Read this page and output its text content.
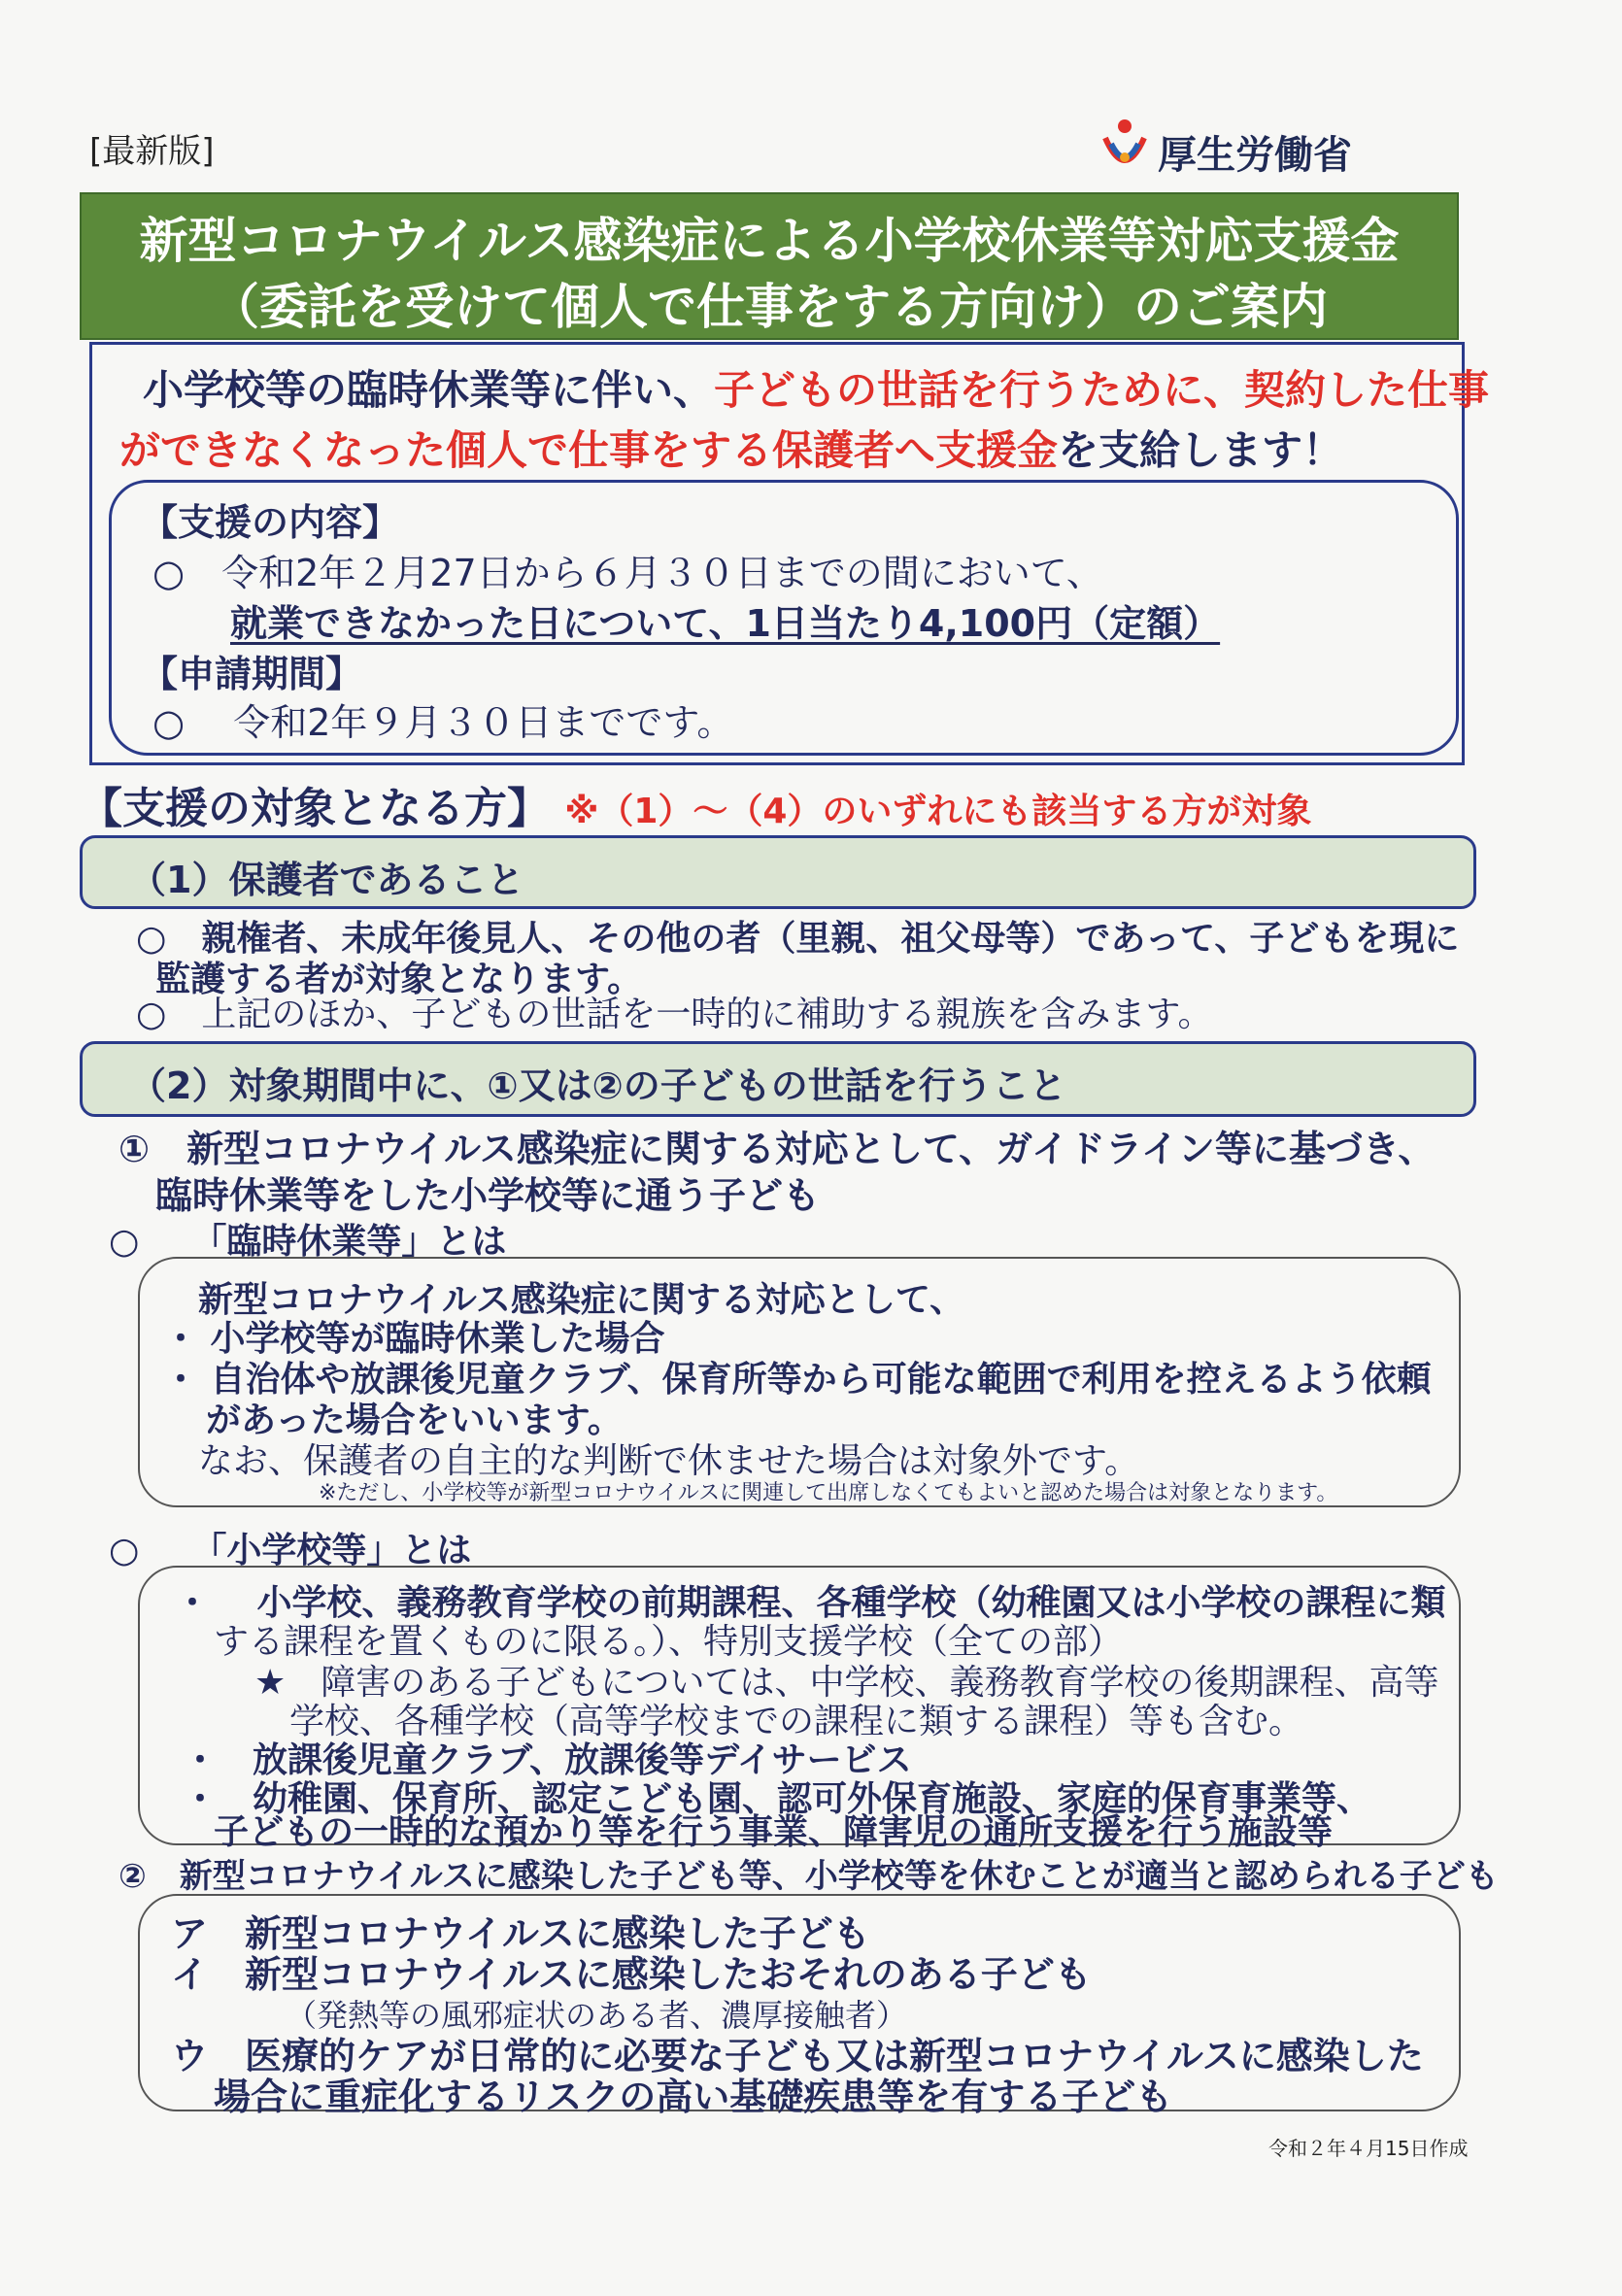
[最新版]	厚生労働省
新型コロナウイルス感染症による小学校休業等対応支援金
（委託を受けて個人で仕事をする方向け）のご案内
小学校等の臨時休業等に伴い、子どもの世話を行うために、契約した仕事
ができなくなった個人で仕事をする保護者へ支援金を支給します！
【支援の内容】
○　令和2年２月27日から６月３０日までの間において、
就業できなかった日について、1日当たり4,100円（定額）
【申請期間】
○　 令和2年９月３０日までです。
【支援の対象となる方】 ※（1）～（4）のいずれにも該当する方が対象
（1）保護者であること
○　親権者、未成年後見人、その他の者（里親、祖父母等）であって、子どもを現に
監護する者が対象となります。
○　上記のほか、子どもの世話を一時的に補助する親族を含みます。
（2）対象期間中に、①又は②の子どもの世話を行うこと
①　新型コロナウイルス感染症に関する対応として、ガイドライン等に基づき、
臨時休業等をした小学校等に通う子ども
○　　「臨時休業等」とは
新型コロナウイルス感染症に関する対応として、
・ 小学校等が臨時休業した場合
・ 自治体や放課後児童クラブ、保育所等から可能な範囲で利用を控えるよう依頼
があった場合をいいます。
なお、保護者の自主的な判断で休ませた場合は対象外です。
※ただし、小学校等が新型コロナウイルスに関連して出席しなくてもよいと認めた場合は対象となります。
○　　「小学校等」とは
・　 小学校、義務教育学校の前期課程、各種学校（幼稚園又は小学校の課程に類
する課程を置くものに限る。）、特別支援学校（全ての部）
★　障害のある子どもについては、中学校、義務教育学校の後期課程、高等
学校、各種学校（高等学校までの課程に類する課程）等も含む。
・　放課後児童クラブ、放課後等デイサービス
・　幼稚園、保育所、認定こども園、認可外保育施設、家庭的保育事業等、
子どもの一時的な預かり等を行う事業、障害児の通所支援を行う施設等
②　新型コロナウイルスに感染した子ども等、小学校等を休むことが適当と認められる子ども
ア　新型コロナウイルスに感染した子ども
イ　新型コロナウイルスに感染したおそれのある子ども
（発熱等の風邪症状のある者、濃厚接触者）
ウ　医療的ケアが日常的に必要な子ども又は新型コロナウイルスに感染した
場合に重症化するリスクの高い基礎疾患等を有する子ども
令和２年４月15日作成
